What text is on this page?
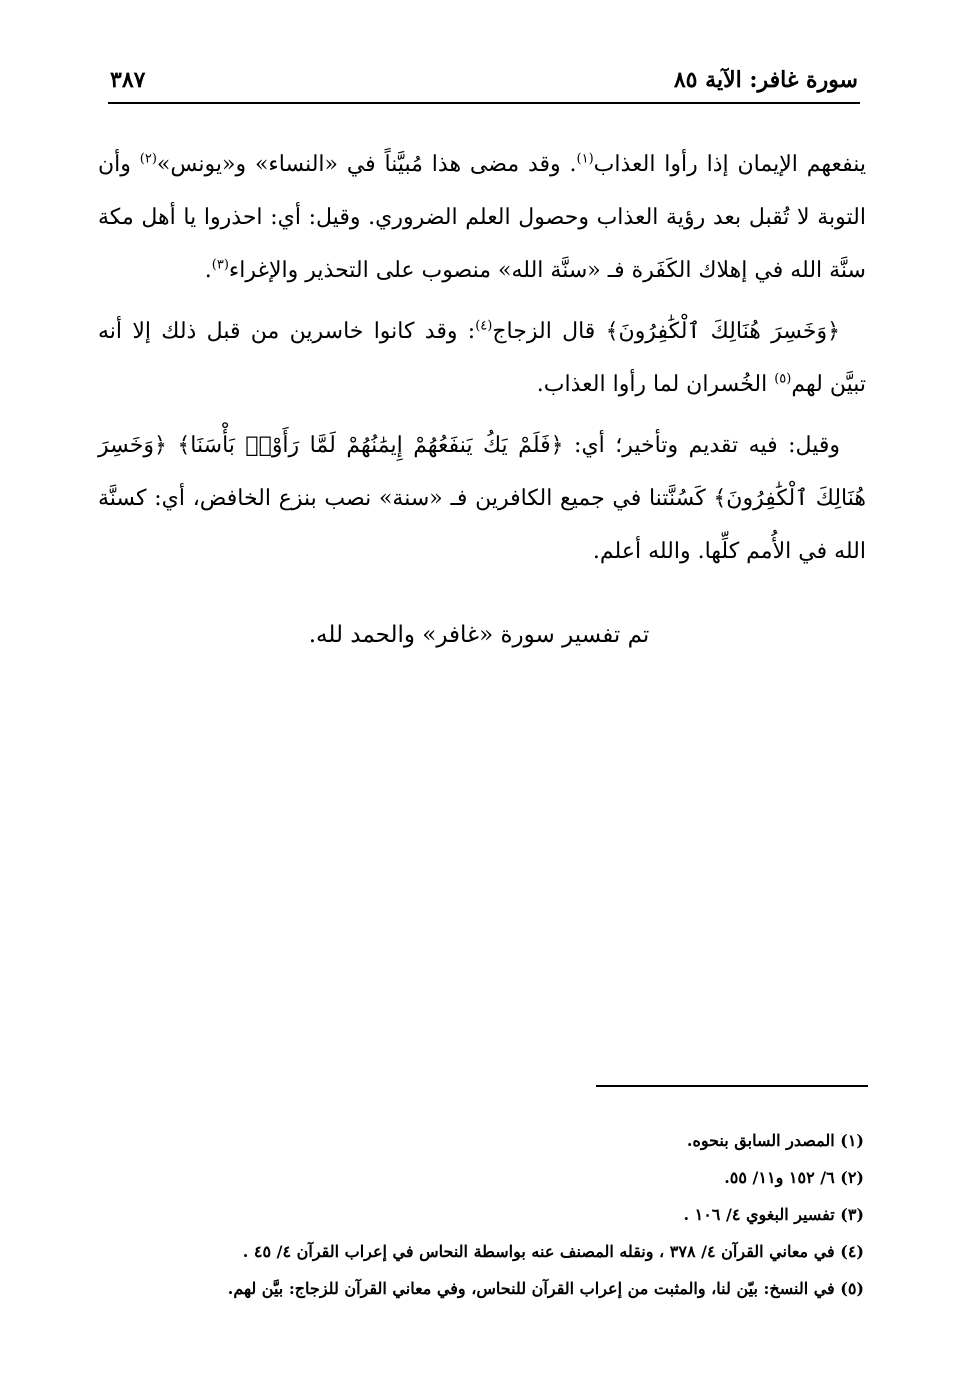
سورة غافر: الآية ٨٥
٣٨٧

ينفعهم الإيمان إذا رأوا العذاب$^{(١)}$. وقد مضى هذا مُبيَّناً في «النساء» و«يونس»$^{(٢)}$ وأن التوبة لا تُقبل بعد رؤية العذاب وحصول العلم الضروري. وقيل: أي: احذروا يا أهل مكة سنَّة الله في إهلاك الكَفَرة فـ «سنَّة الله» منصوب على التحذير والإغراء$^{(٣)}$.

﴿وَخَسِرَ هُنَالِكَ ٱلْكَٰفِرُونَ﴾ قال الزجاج$^{(٤)}$: وقد كانوا خاسرين من قبل ذلك إلا أنه تبيَّن لهم$^{(٥)}$ الخُسران لما رأوا العذاب.

وقيل: فيه تقديم وتأخير؛ أي: ﴿فَلَمْ يَكُ يَنفَعُهُمْ إِيمَٰنُهُمْ لَمَّا رَأَوْا۟ بَأْسَنَا﴾ ﴿وَخَسِرَ هُنَالِكَ ٱلْكَٰفِرُونَ﴾ كَسُنَّتنا في جميع الكافرين فـ «سنة» نصب بنزع الخافض، أي: كسنَّة الله في الأُمم كلِّها. والله أعلم.

تم تفسير سورة «غافر» والحمد لله.
(١) المصدر السابق بنحوه.
(٢) ٦/ ١٥٢ و١١/ ٥٥.
(٣) تفسير البغوي ٤/ ١٠٦ .
(٤) في معاني القرآن ٤/ ٣٧٨ ، ونقله المصنف عنه بواسطة النحاس في إعراب القرآن ٤/ ٤٥ .
(٥) في النسخ: بيّن لنا، والمثبت من إعراب القرآن للنحاس، وفي معاني القرآن للزجاج: بيَّن لهم.
